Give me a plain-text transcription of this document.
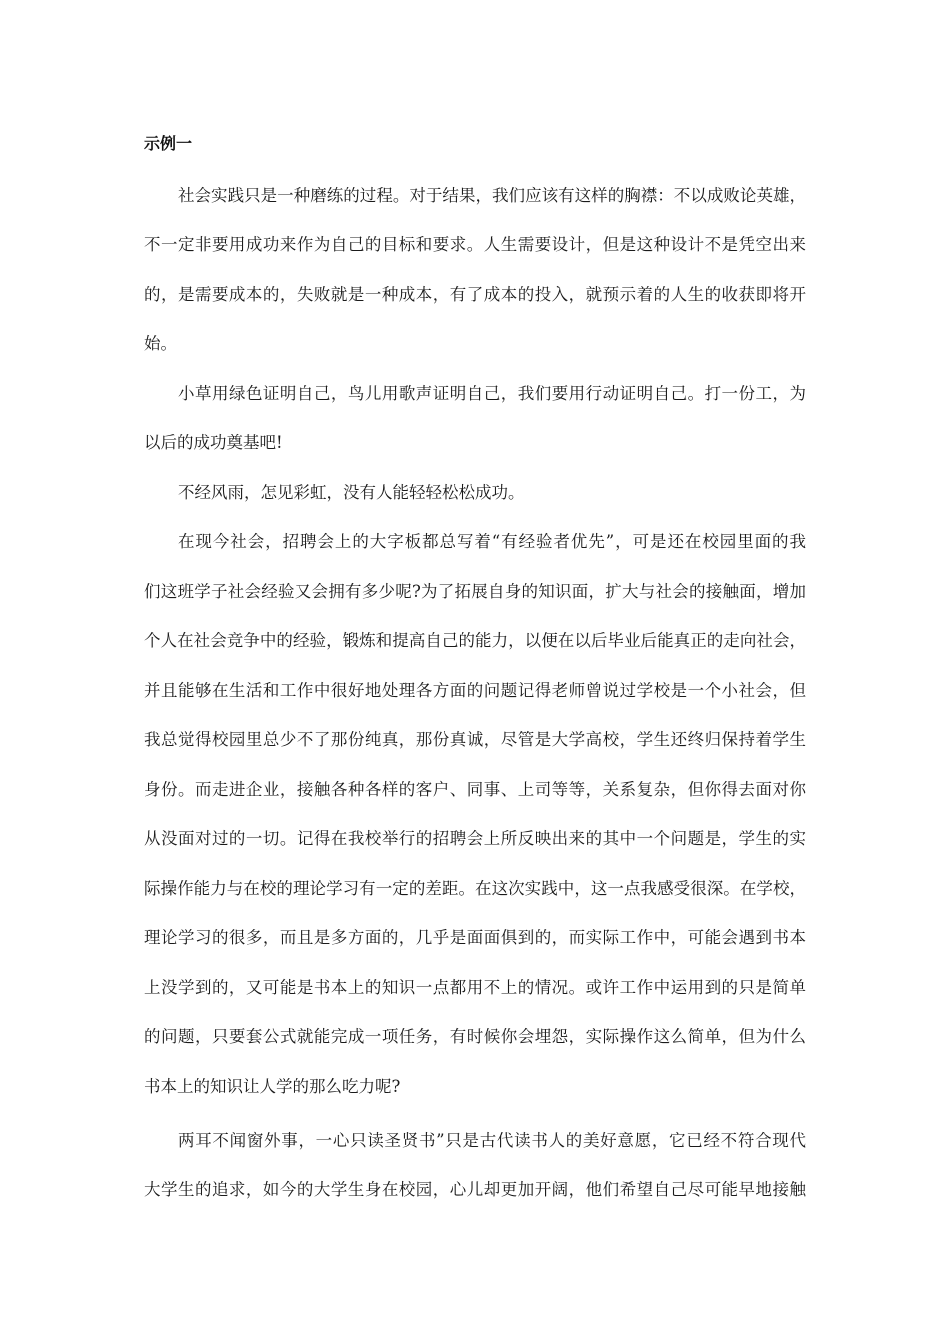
示例一
社会实践只是一种磨练的过程。对于结果，我们应该有这样的胸襟：不以成败论英雄，
不一定非要用成功来作为自己的目标和要求。人生需要设计，但是这种设计不是凭空出来
的，是需要成本的，失败就是一种成本，有了成本的投入，就预示着的人生的收获即将开
始。
小草用绿色证明自己，鸟儿用歌声证明自己，我们要用行动证明自己。打一份工，为
以后的成功奠基吧!
不经风雨，怎见彩虹，没有人能轻轻松松成功。
在现今社会，招聘会上的大字板都总写着“有经验者优先”，可是还在校园里面的我
们这班学子社会经验又会拥有多少呢?为了拓展自身的知识面，扩大与社会的接触面，增加
个人在社会竞争中的经验，锻炼和提高自己的能力，以便在以后毕业后能真正的走向社会，
并且能够在生活和工作中很好地处理各方面的问题记得老师曾说过学校是一个小社会，但
我总觉得校园里总少不了那份纯真，那份真诚，尽管是大学高校，学生还终归保持着学生
身份。而走进企业，接触各种各样的客户、同事、上司等等，关系复杂，但你得去面对你
从没面对过的一切。记得在我校举行的招聘会上所反映出来的其中一个问题是，学生的实
际操作能力与在校的理论学习有一定的差距。在这次实践中，这一点我感受很深。在学校，
理论学习的很多，而且是多方面的，几乎是面面俱到的，而实际工作中，可能会遇到书本
上没学到的，又可能是书本上的知识一点都用不上的情况。或许工作中运用到的只是简单
的问题，只要套公式就能完成一项任务，有时候你会埋怨，实际操作这么简单，但为什么
书本上的知识让人学的那么吃力呢?
两耳不闻窗外事，一心只读圣贤书”只是古代读书人的美好意愿，它已经不符合现代
大学生的追求，如今的大学生身在校园，心儿却更加开阔，他们希望自己尽可能早地接触
